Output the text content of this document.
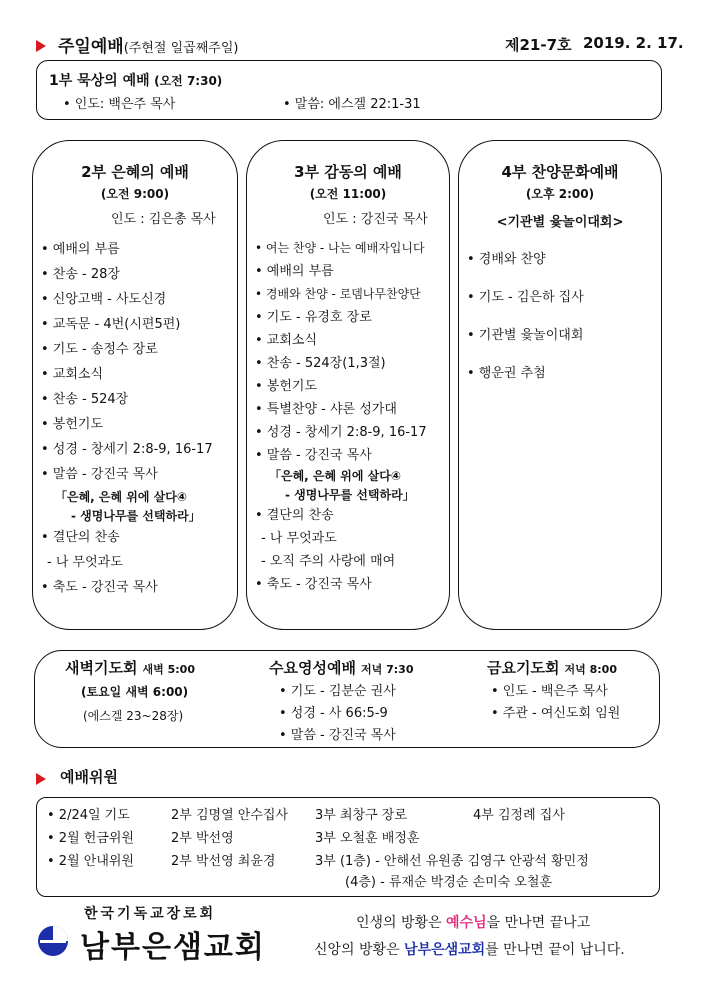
주일예배(주현절 일곱째주일)	제21-7호 2019. 2. 17.
1부 묵상의 예배 (오전 7:30)
• 인도: 백은주 목사	• 말씀: 에스겔 22:1-31
2부 은혜의 예배
(오전 9:00)
인도 : 김은총 목사
• 예배의 부름
• 찬송 - 28장
• 신앙고백 - 사도신경
• 교독문 - 4번(시편5편)
• 기도 - 송정수 장로
• 교회소식
• 찬송 - 524장
• 봉헌기도
• 성경 - 창세기 2:8-9, 16-17
• 말씀 - 강진국 목사
「은혜, 은혜 위에 살다④
- 생명나무를 선택하라」
• 결단의 찬송
- 나 무엇과도
• 축도 - 강진국 목사
3부 감동의 예배
(오전 11:00)
인도 : 강진국 목사
• 여는 찬양 - 나는 예배자입니다
• 예배의 부름
• 경배와 찬양 - 로뎀나무찬양단
• 기도 - 유경호 장로
• 교회소식
• 찬송 - 524장(1,3절)
• 봉헌기도
• 특별찬양 - 샤론 성가대
• 성경 - 창세기 2:8-9, 16-17
• 말씀 - 강진국 목사
「은혜, 은혜 위에 살다④
- 생명나무를 선택하라」
• 결단의 찬송
- 나 무엇과도
- 오직 주의 사랑에 매여
• 축도 - 강진국 목사
4부 찬양문화예배
(오후 2:00)
<기관별 윷놀이대회>
• 경배와 찬양
• 기도 - 김은하 집사
• 기관별 윷놀이대회
• 행운권 추첨
새벽기도회 새벽 5:00
(토요일 새벽 6:00)
(에스겔 23~28장)
수요영성예배 저녁 7:30
• 기도 - 김분순 권사
• 성경 - 사 66:5-9
• 말씀 - 강진국 목사
금요기도회 저녁 8:00
• 인도 - 백은주 목사
• 주관 - 여신도회 임원
예배위원
• 2/24일 기도	2부 김명열 안수집사 3부 최창구 장로	4부 김정례 집사
• 2월 헌금위원	2부 박선영	3부 오철훈 배정훈
• 2월 안내위원	2부 박선영 최윤경	3부 (1층) - 안해선 유원종 김영구 안광석 황민정
(4층) - 류재순 박경순 손미숙 오철훈
한국기독교장로회
남부은샘교회
인생의 방황은 예수님을 만나면 끝나고
신앙의 방황은 남부은샘교회를 만나면 끝이 납니다.
